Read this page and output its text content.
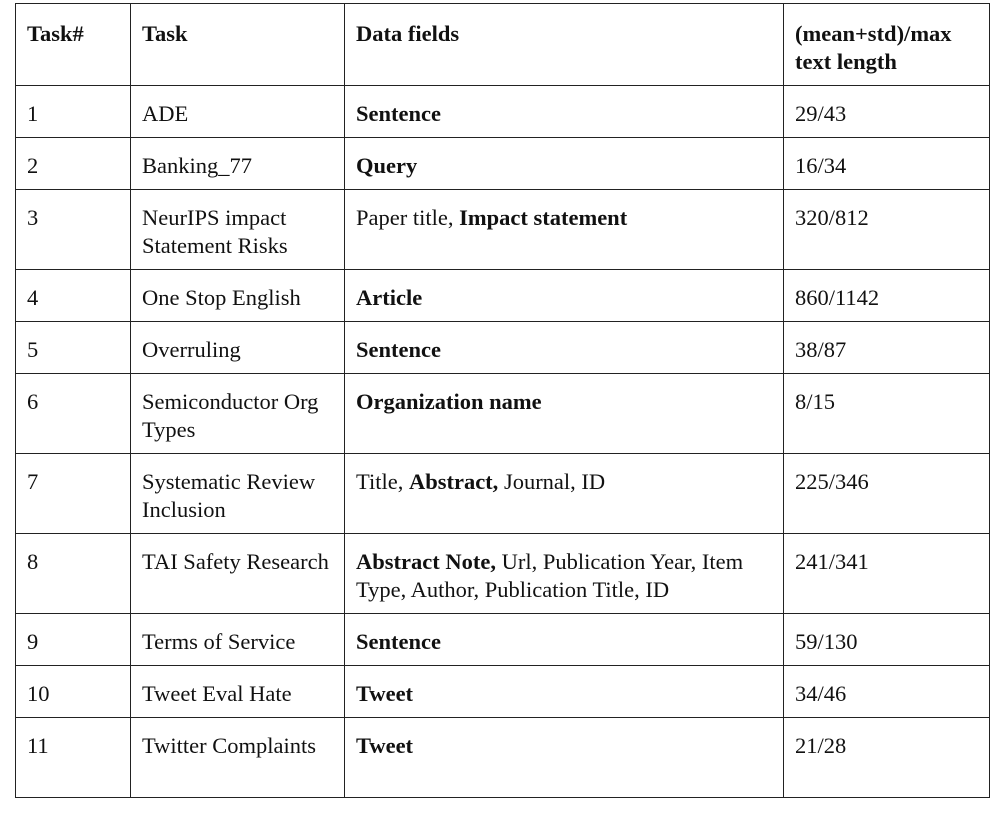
Task#	Task	Data fields	(mean+std)/max text length
1	ADE	Sentence	29/43
2	Banking_77	Query	16/34
3	NeurIPS impact Statement Risks	Paper title, Impact statement	320/812
4	One Stop English	Article	860/1142
5	Overruling	Sentence	38/87
6	Semiconductor Org Types	Organization name	8/15
7	Systematic Review Inclusion	Title, Abstract, Journal, ID	225/346
8	TAI Safety Research	Abstract Note, Url, Publication Year, Item Type, Author, Publication Title, ID	241/341
9	Terms of Service	Sentence	59/130
10	Tweet Eval Hate	Tweet	34/46
11	Twitter Complaints	Tweet	21/28
